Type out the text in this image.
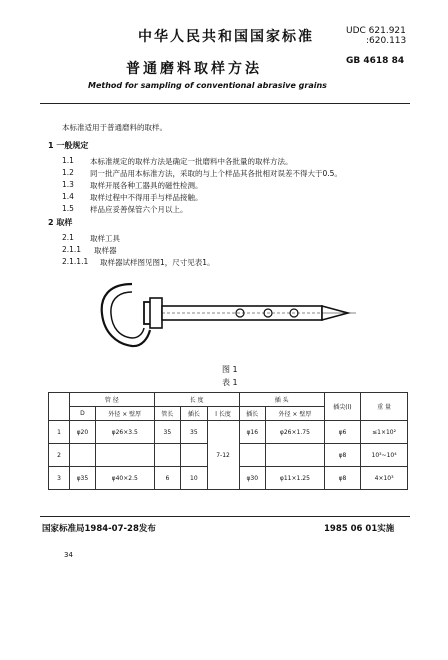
中华人民共和国国家标准	UDC 621.921
:620.113
普通磨料取样方法	GB 4618 84
Method for sampling of conventional abrasive grains
本标准适用于普通磨料的取样。
1 一般规定
1.1 本标准规定的取样方法是确定一批磨料中各批量的取样方法。
1.2 同一批产品用本标准方法，采取的与上个样品其各批相对误差不得大于0.5。
1.3 取样开展各种工器具的磁性检测。
1.4 取样过程中不得用手与样品接触。
1.5 样品应妥善保管六个月以上。
2 取样
2.1 取样工具
2.1.1 取样器
2.1.1.1 取样器试样图见图1，尺寸见表1。
图 1
表 1
	管 径		长 度			插 头		插尖(l)	重 量
	D	外径 × 壁厚	管长	插长	l 长度	插长	外径 × 壁厚		
1	φ20	φ26×3.5	35	35	7-12	φ16	φ26×1.75	φ6	≤1×10²
2								φ8	10³~10⁴
3	φ35	φ40×2.5	6	10		φ30	φ11×1.25	φ8	4×10³
国家标准局1984-07-28发布	1985 06 01实施
34
